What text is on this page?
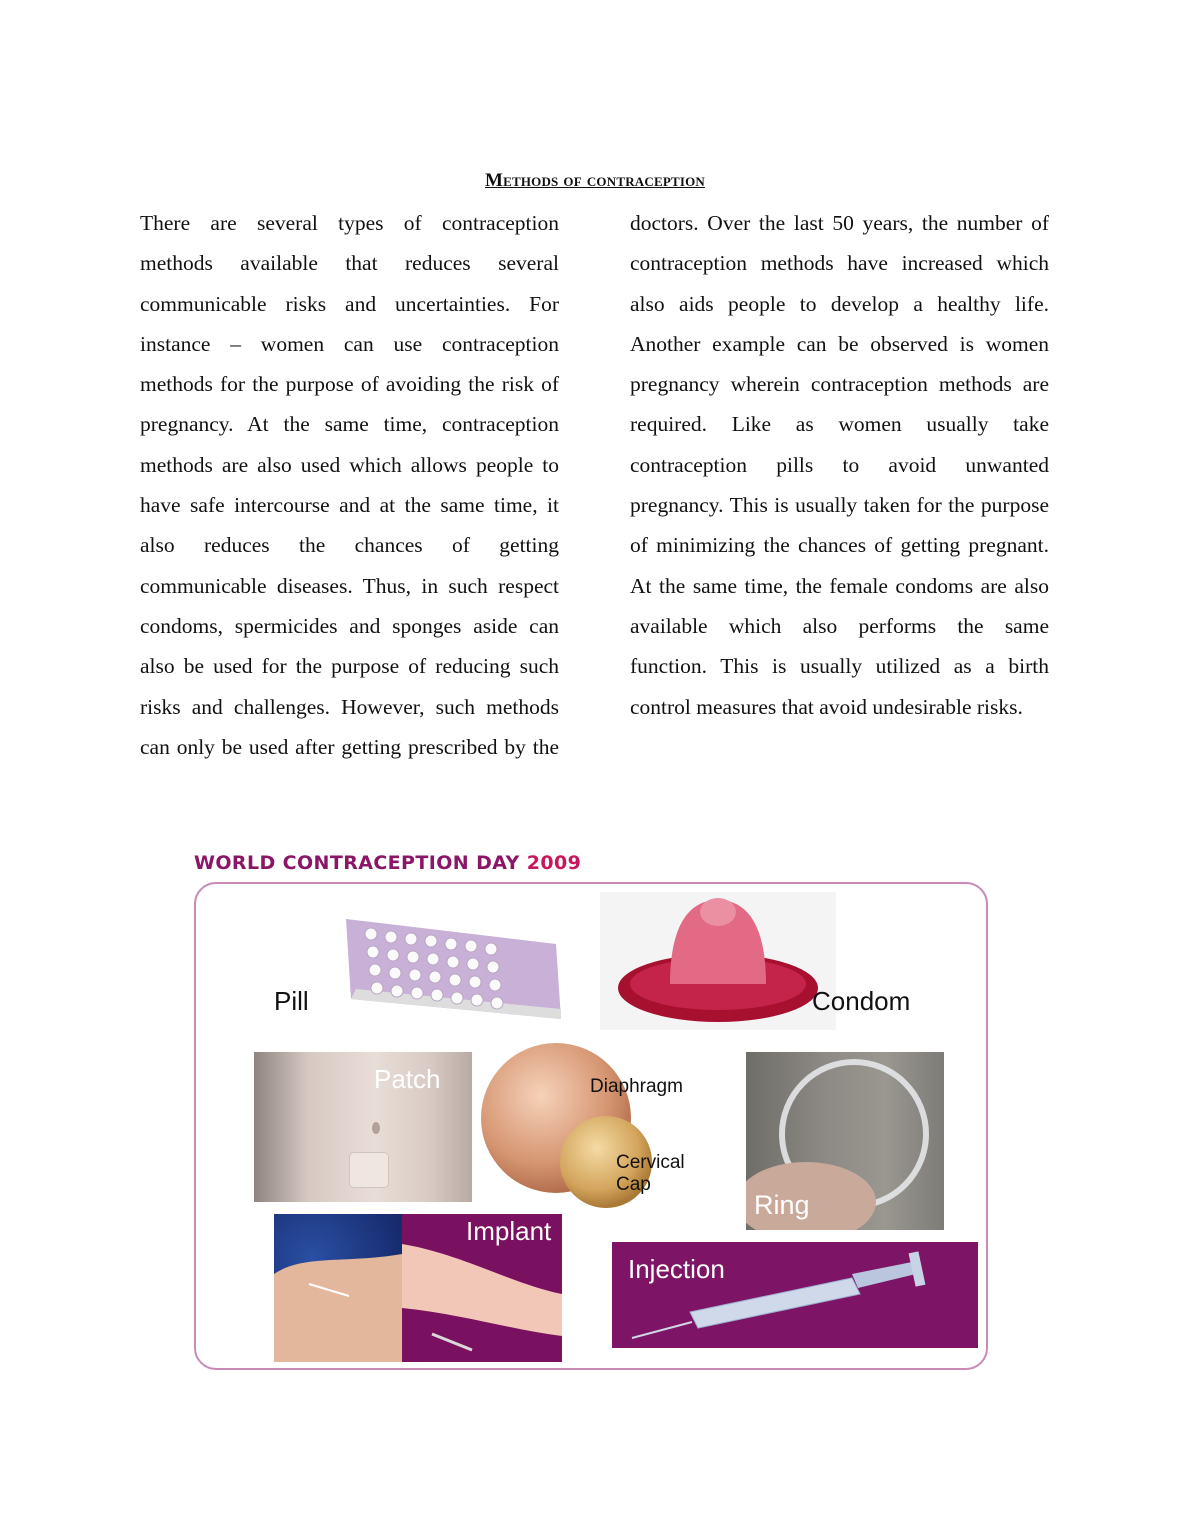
Methods of contraception

There are several types of contraception methods available that reduces several communicable risks and uncertainties. For instance – women can use contraception methods for the purpose of avoiding the risk of pregnancy. At the same time, contraception methods are also used which allows people to have safe intercourse and at the same time, it also reduces the chances of getting communicable diseases. Thus, in such respect condoms, spermicides and sponges aside can also be used for the purpose of reducing such risks and challenges. However, such methods can only be used after getting prescribed by the

doctors. Over the last 50 years, the number of contraception methods have increased which also aids people to develop a healthy life. Another example can be observed is women pregnancy wherein contraception methods are required. Like as women usually take contraception pills to avoid unwanted pregnancy. This is usually taken for the purpose of minimizing the chances of getting pregnant. At the same time, the female condoms are also available which also performs the same function. This is usually utilized as a birth control measures that avoid undesirable risks.

WORLD CONTRACEPTION DAY 2009
Pill	Condom
Patch	Diaphragm
Cervical Cap
Ring
Implant
Injection
